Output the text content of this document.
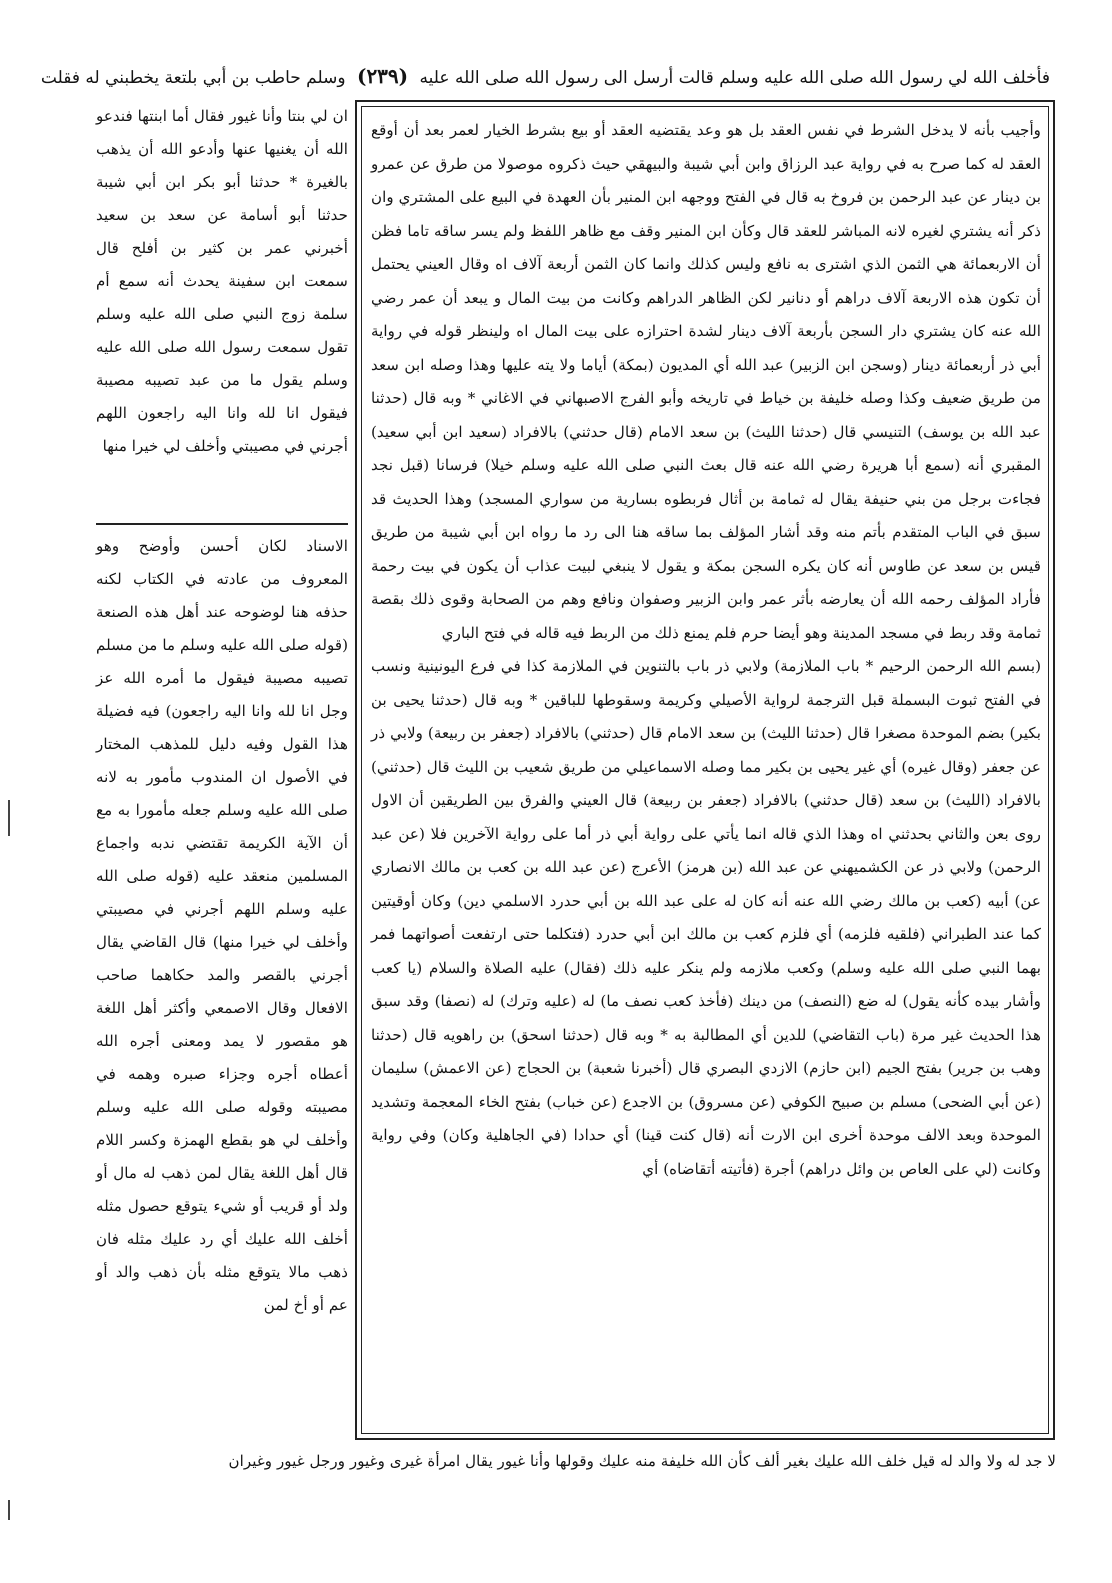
فأخلف الله لي رسول الله صلى الله عليه وسلم قالت أرسل الى رسول الله صلى الله عليه (٢٣٩) وسلم حاطب بن أبي بلتعة يخطبني له فقلت
ان لي بنتا وأنا غيور فقال أما ابنتها فندعو الله أن يغنيها عنها وأدعو الله أن يذهب بالغيرة * حدثنا أبو بكر ابن أبي شيبة حدثنا أبو أسامة عن سعد بن سعيد أخبرني عمر بن كثير بن أفلح قال سمعت ابن سفينة يحدث أنه سمع أم سلمة زوج النبي صلى الله عليه وسلم تقول سمعت رسول الله صلى الله عليه وسلم يقول ما من عبد تصيبه مصيبة فيقول انا لله وانا اليه راجعون اللهم أجرني في مصيبتي وأخلف لي خيرا منها
الاسناد لكان أحسن وأوضح وهو المعروف من عادته في الكتاب لكنه حذفه هنا لوضوحه عند أهل هذه الصنعة (قوله صلى الله عليه وسلم ما من مسلم تصيبه مصيبة فيقول ما أمره الله عز وجل انا لله وانا اليه راجعون) فيه فضيلة هذا القول وفيه دليل للمذهب المختار في الأصول ان المندوب مأمور به لانه صلى الله عليه وسلم جعله مأمورا به مع أن الآية الكريمة تقتضي ندبه واجماع المسلمين منعقد عليه (قوله صلى الله عليه وسلم اللهم أجرني في مصيبتي وأخلف لي خيرا منها) قال القاضي يقال أجرني بالقصر والمد حكاهما صاحب الافعال وقال الاصمعي وأكثر أهل اللغة هو مقصور لا يمد ومعنى أجره الله أعطاه أجره وجزاء صبره وهمه في مصيبته وقوله صلى الله عليه وسلم وأخلف لي هو بقطع الهمزة وكسر اللام قال أهل اللغة يقال لمن ذهب له مال أو ولد أو قريب أو شيء يتوقع حصول مثله أخلف الله عليك أي رد عليك مثله فان ذهب مالا يتوقع مثله بأن ذهب والد أو عم أو أخ لمن

وأجيب بأنه لا يدخل الشرط في نفس العقد بل هو وعد يقتضيه العقد أو بيع بشرط الخيار لعمر بعد أن أوقع العقد له كما صرح به في رواية عبد الرزاق وابن أبي شيبة والبيهقي حيث ذكروه موصولا من طرق عن عمرو بن دينار عن عبد الرحمن بن فروخ به قال في الفتح ووجهه ابن المنير بأن العهدة في البيع على المشتري وان ذكر أنه يشتري لغيره لانه المباشر للعقد قال وكأن ابن المنير وقف مع ظاهر اللفظ ولم يسر ساقه تاما فظن أن الاربعمائة هي الثمن الذي اشترى به نافع وليس كذلك وانما كان الثمن أربعة آلاف اه وقال العيني يحتمل أن تكون هذه الاربعة آلاف دراهم أو دنانير لكن الظاهر الدراهم وكانت من بيت المال و يبعد أن عمر رضي الله عنه كان يشتري دار السجن بأربعة آلاف دينار لشدة احترازه على بيت المال اه ولينظر قوله في رواية أبي ذر أربعمائة دينار (وسجن ابن الزبير) عبد الله أي المديون (بمكة) أياما ولا يته عليها وهذا وصله ابن سعد من طريق ضعيف وكذا وصله خليفة بن خياط في تاريخه وأبو الفرج الاصبهاني في الاغاني * وبه قال (حدثنا عبد الله بن يوسف) التنيسي قال (حدثنا الليث) بن سعد الامام (قال حدثني) بالافراد (سعيد ابن أبي سعيد) المقبري أنه (سمع أبا هريرة رضي الله عنه قال بعث النبي صلى الله عليه وسلم خيلا) فرسانا (قبل نجد فجاءت برجل من بني حنيفة يقال له ثمامة بن أثال فربطوه بسارية من سواري المسجد) وهذا الحديث قد سبق في الباب المتقدم بأتم منه وقد أشار المؤلف بما ساقه هنا الى رد ما رواه ابن أبي شيبة من طريق قيس بن سعد عن طاوس أنه كان يكره السجن بمكة و يقول لا ينبغي لبيت عذاب أن يكون في بيت رحمة فأراد المؤلف رحمه الله أن يعارضه بأثر عمر وابن الزبير وصفوان ونافع وهم من الصحابة وقوى ذلك بقصة ثمامة وقد ربط في مسجد المدينة وهو أيضا حرم فلم يمنع ذلك من الربط فيه قاله في فتح الباري

(بسم الله الرحمن الرحيم * باب الملازمة) ولابي ذر باب بالتنوين في الملازمة كذا في فرع اليونينية ونسب في الفتح ثبوت البسملة قبل الترجمة لرواية الأصيلي وكريمة وسقوطها للباقين * وبه قال (حدثنا يحيى بن بكير) بضم الموحدة مصغرا قال (حدثنا الليث) بن سعد الامام قال (حدثني) بالافراد (جعفر بن ربيعة) ولابي ذر عن جعفر (وقال غيره) أي غير يحيى بن بكير مما وصله الاسماعيلي من طريق شعيب بن الليث قال (حدثني) بالافراد (الليث) بن سعد (قال حدثني) بالافراد (جعفر بن ربيعة) قال العيني والفرق بين الطريقين أن الاول روى بعن والثاني بحدثني اه وهذا الذي قاله انما يأتي على رواية أبي ذر أما على رواية الآخرين فلا (عن عبد الرحمن) ولابي ذر عن الكشميهني عن عبد الله (بن هرمز) الأعرج (عن عبد الله بن كعب بن مالك الانصاري عن) أبيه (كعب بن مالك رضي الله عنه أنه كان له على عبد الله بن أبي حدرد الاسلمي دين) وكان أوقيتين كما عند الطبراني (فلقيه فلزمه) أي فلزم كعب بن مالك ابن أبي حدرد (فتكلما حتى ارتفعت أصواتهما فمر بهما النبي صلى الله عليه وسلم) وكعب ملازمه ولم ينكر عليه ذلك (فقال) عليه الصلاة والسلام (يا كعب وأشار بيده كأنه يقول) له ضع (النصف) من دينك (فأخذ كعب نصف ما) له (عليه وترك) له (نصفا) وقد سبق هذا الحديث غير مرة (باب التقاضي) للدين أي المطالبة به * وبه قال (حدثنا اسحق) بن راهويه قال (حدثنا وهب بن جرير) بفتح الجيم (ابن حازم) الازدي البصري قال (أخبرنا شعبة) بن الحجاج (عن الاعمش) سليمان (عن أبي الضحى) مسلم بن صبيح الكوفي (عن مسروق) بن الاجدع (عن خباب) بفتح الخاء المعجمة وتشديد الموحدة وبعد الالف موحدة أخرى ابن الارت أنه (قال كنت قينا) أي حدادا (في الجاهلية وكان) وفي رواية وكانت (لي على العاص بن وائل دراهم) أجرة (فأتيته أتقاضاه) أي

لا جد له ولا والد له قيل خلف الله عليك بغير ألف كأن الله خليفة منه عليك وقولها وأنا غيور يقال امرأة غيرى وغيور ورجل غيور وغيران
